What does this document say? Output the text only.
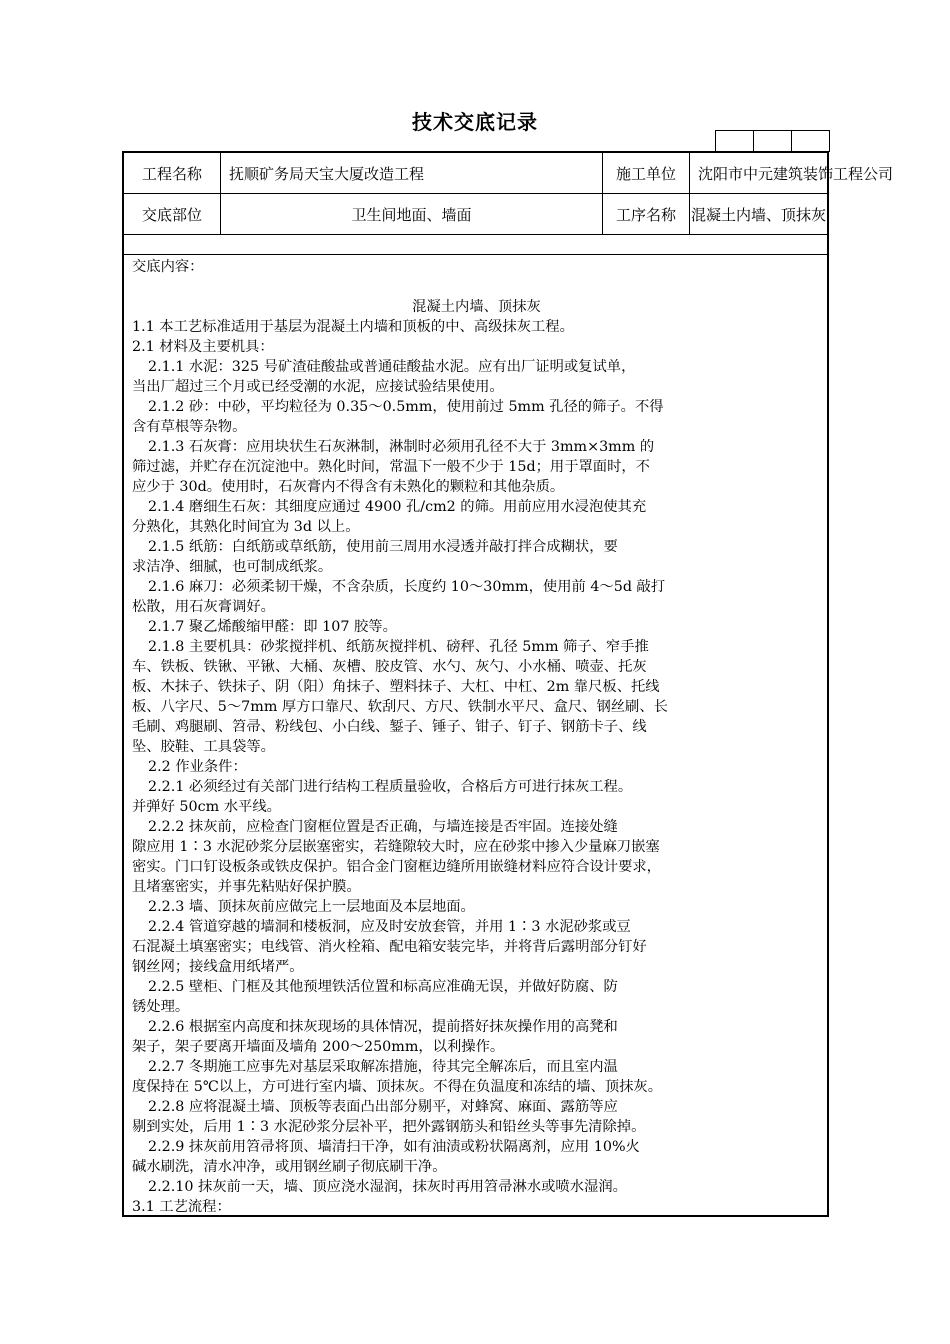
技术交底记录
工程名称	抚顺矿务局天宝大厦改造工程	施工单位	沈阳市中元建筑装饰工程公司
交底部位	卫生间地面、墙面	工序名称 混凝土内墙、顶抹灰

交底内容：

混凝土内墙、顶抹灰

1.1 本工艺标准适用于基层为混凝土内墙和顶板的中、高级抹灰工程。

2.1 材料及主要机具：

2.1.1 水泥：325 号矿渣硅酸盐或普通硅酸盐水泥。应有出厂证明或复试单，

当出厂超过三个月或已经受潮的水泥，应接试验结果使用。

2.1.2 砂：中砂，平均粒径为 0.35～0.5mm，使用前过 5mm 孔径的筛子。不得

含有草根等杂物。

2.1.3 石灰膏：应用块状生石灰淋制，淋制时必须用孔径不大于 3mm×3mm 的

筛过滤，并贮存在沉淀池中。熟化时间，常温下一般不少于 15d；用于罩面时，不

应少于 30d。使用时，石灰膏内不得含有未熟化的颗粒和其他杂质。

2.1.4 磨细生石灰：其细度应通过 4900 孔/cm2 的筛。用前应用水浸泡使其充

分熟化，其熟化时间宜为 3d 以上。

2.1.5 纸筋：白纸筋或草纸筋，使用前三周用水浸透并敲打拌合成糊状，要

求洁净、细腻，也可制成纸浆。

2.1.6 麻刀：必须柔韧干燥，不含杂质，长度约 10～30mm，使用前 4～5d 敲打

松散，用石灰膏调好。

2.1.7 聚乙烯酸缩甲醛：即 107 胶等。

2.1.8 主要机具：砂浆搅拌机、纸筋灰搅拌机、磅秤、孔径 5mm 筛子、窄手推

车、铁板、铁锹、平锹、大桶、灰槽、胶皮管、水勺、灰勺、小水桶、喷壶、托灰

板、木抹子、铁抹子、阴（阳）角抹子、塑料抹子、大杠、中杠、2m 靠尺板、托线

板、八字尺、5～7mm 厚方口靠尺、软刮尺、方尺、铁制水平尺、盒尺、钢丝刷、长

毛刷、鸡腿刷、笤帚、粉线包、小白线、錾子、锤子、钳子、钉子、钢筋卡子、线

坠、胶鞋、工具袋等。

2.2 作业条件：

2.2.1 必须经过有关部门进行结构工程质量验收，合格后方可进行抹灰工程。

并弹好 50cm 水平线。

2.2.2 抹灰前，应检查门窗框位置是否正确，与墙连接是否牢固。连接处缝

隙应用 1∶3 水泥砂浆分层嵌塞密实，若缝隙较大时，应在砂浆中掺入少量麻刀嵌塞

密实。门口钉设板条或铁皮保护。铝合金门窗框边缝所用嵌缝材料应符合设计要求，

且堵塞密实，并事先粘贴好保护膜。

2.2.3 墙、顶抹灰前应做完上一层地面及本层地面。

2.2.4 管道穿越的墙洞和楼板洞，应及时安放套管，并用 1∶3 水泥砂浆或豆

石混凝土填塞密实；电线管、消火栓箱、配电箱安装完毕，并将背后露明部分钉好

钢丝网；接线盒用纸堵严。

2.2.5 壁柜、门框及其他预埋铁活位置和标高应准确无误，并做好防腐、防

锈处理。

2.2.6 根据室内高度和抹灰现场的具体情况，提前搭好抹灰操作用的高凳和

架子，架子要离开墙面及墙角 200～250mm，以利操作。

2.2.7 冬期施工应事先对基层采取解冻措施，待其完全解冻后，而且室内温

度保持在 5℃以上，方可进行室内墙、顶抹灰。不得在负温度和冻结的墙、顶抹灰。

2.2.8 应将混凝土墙、顶板等表面凸出部分剔平，对蜂窝、麻面、露筋等应

剔到实处，后用 1∶3 水泥砂浆分层补平，把外露钢筋头和铅丝头等事先清除掉。

2.2.9 抹灰前用笤帚将顶、墙清扫干净，如有油渍或粉状隔离剂，应用 10%火

碱水刷洗，清水冲净，或用钢丝刷子彻底刷干净。

2.2.10 抹灰前一天，墙、顶应浇水湿润，抹灰时再用笤帚淋水或喷水湿润。

3.1 工艺流程：
